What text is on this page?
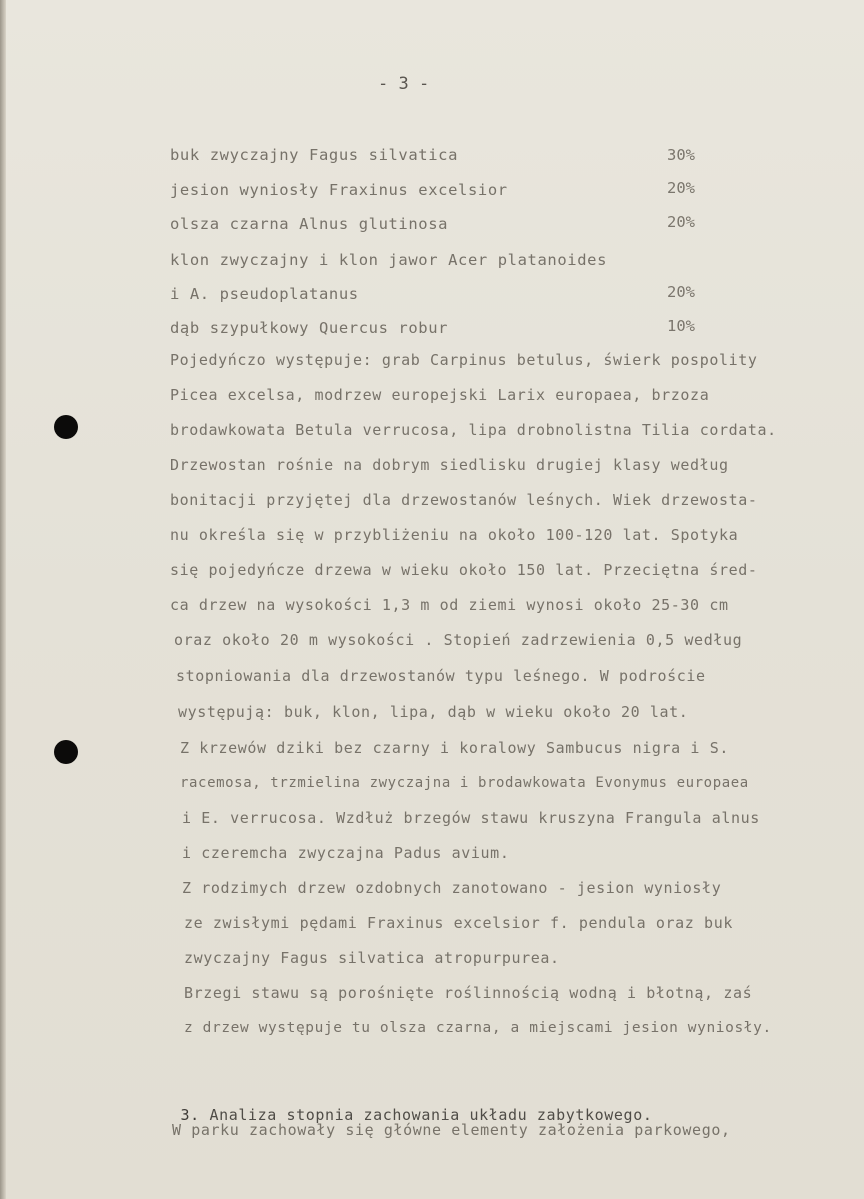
- 3 -
buk zwyczajny Fagus silvatica	30%
jesion wyniosły Fraxinus excelsior	20%
olsza czarna Alnus glutinosa	20%
klon zwyczajny i klon jawor Acer platanoides
i A. pseudoplatanus	20%
dąb szypułkowy Quercus robur	10%
Pojedyńczo występuje: grab Carpinus betulus, świerk pospolity
Picea excelsa, modrzew europejski Larix europaea, brzoza
brodawkowata Betula verrucosa, lipa drobnolistna Tilia cordata.
Drzewostan rośnie na dobrym siedlisku drugiej klasy według
bonitacji przyjętej dla drzewostanów leśnych. Wiek drzewosta-
nu określa się w przybliżeniu na około 100-120 lat. Spotyka
się pojedyńcze drzewa w wieku około 150 lat. Przeciętna śred-
ca drzew na wysokości 1,3 m od ziemi wynosi około 25-30 cm
oraz około 20 m wysokości . Stopień zadrzewienia 0,5 według
stopniowania dla drzewostanów typu leśnego. W podroście
występują: buk, klon, lipa, dąb w wieku około 20 lat.
Z krzewów dziki bez czarny i koralowy Sambucus nigra i S.
racemosa, trzmielina zwyczajna i brodawkowata Evonymus europaea
i E. verrucosa. Wzdłuż brzegów stawu kruszyna Frangula alnus
i czeremcha zwyczajna Padus avium.
Z rodzimych drzew ozdobnych zanotowano - jesion wyniosły
ze zwisłymi pędami Fraxinus excelsior f. pendula oraz buk
zwyczajny Fagus silvatica atropurpurea.
Brzegi stawu są porośnięte roślinnością wodną i błotną, zaś
z drzew występuje tu olsza czarna, a miejscami jesion wyniosły.

3. Analiza stopnia zachowania układu zabytkowego.

W parku zachowały się główne elementy założenia parkowego,
